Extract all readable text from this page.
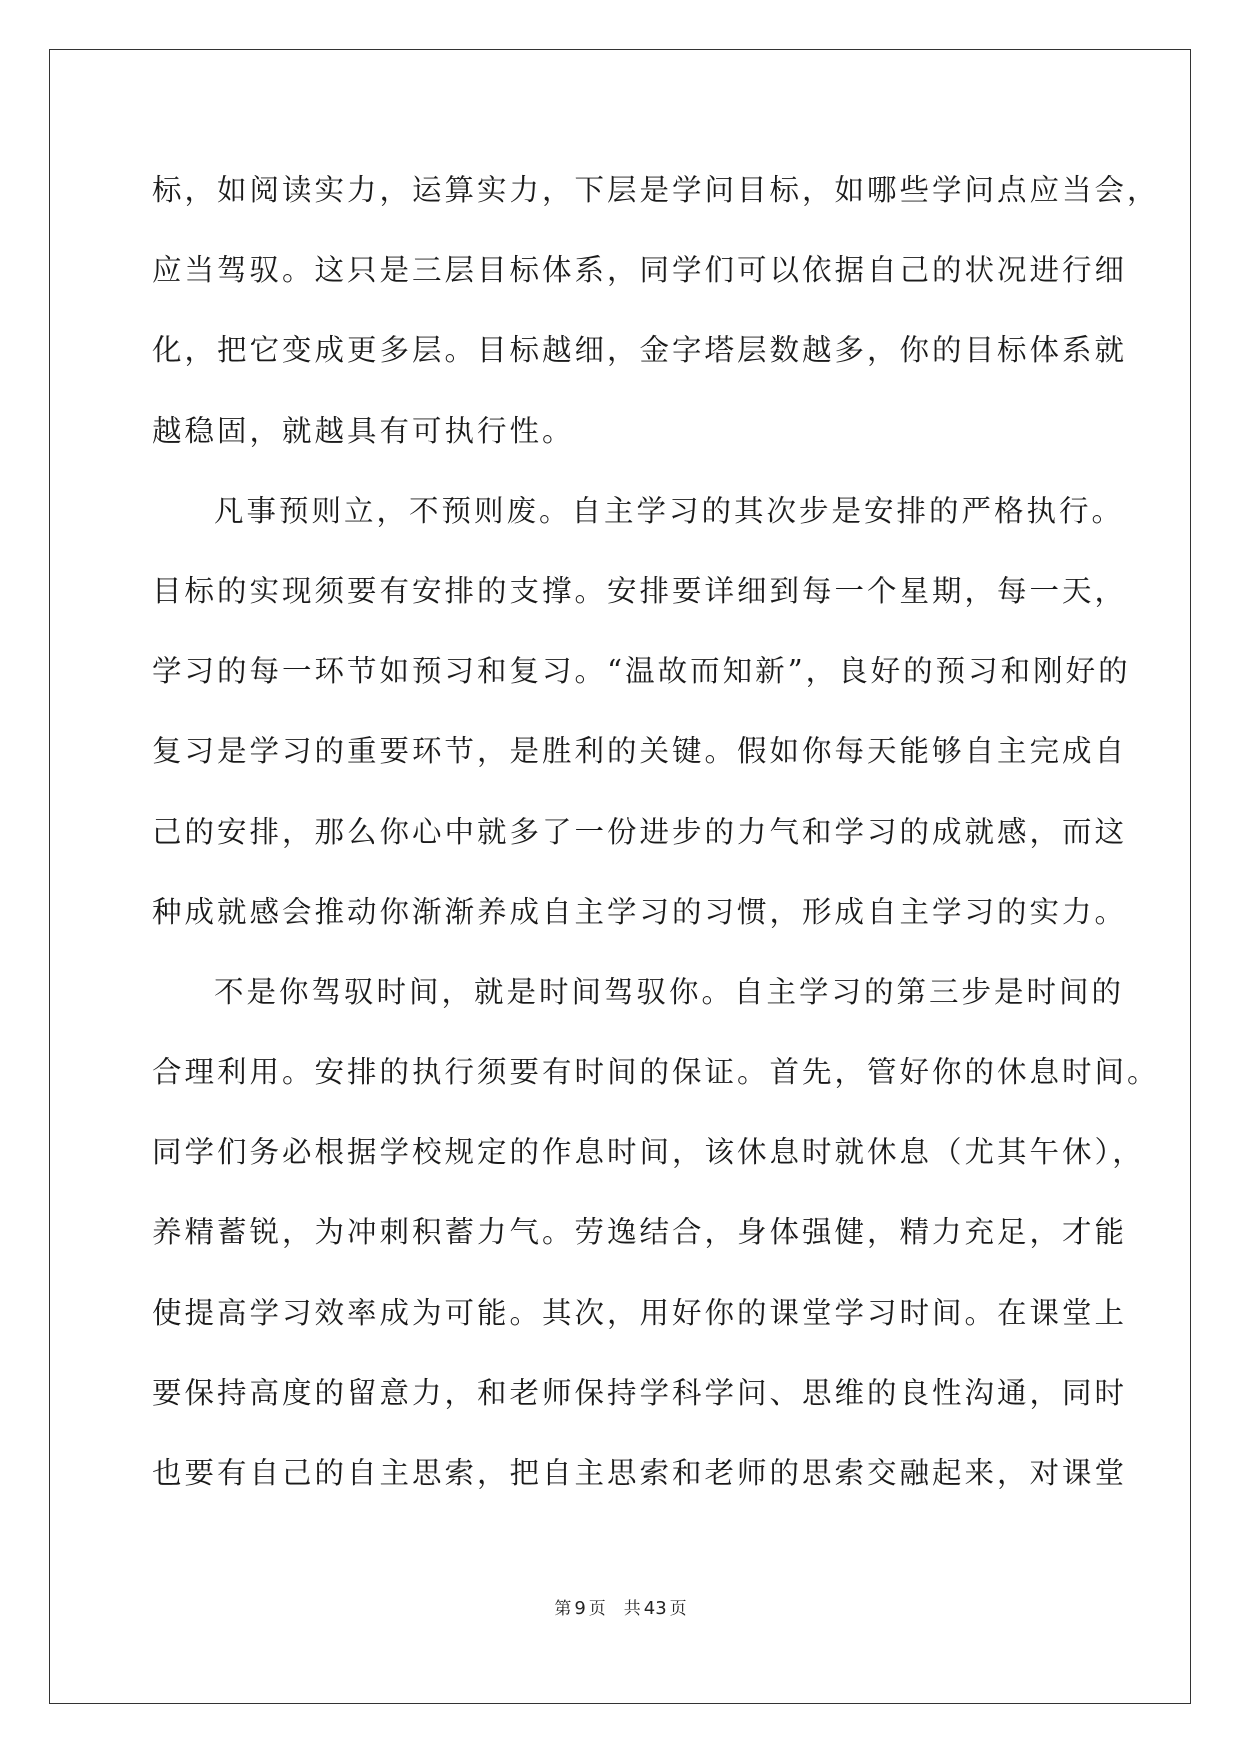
标，如阅读实力，运算实力，下层是学问目标，如哪些学问点应当会，
应当驾驭。这只是三层目标体系，同学们可以依据自己的状况进行细
化，把它变成更多层。目标越细，金字塔层数越多，你的目标体系就
越稳固，就越具有可执行性。
凡事预则立，不预则废。自主学习的其次步是安排的严格执行。
目标的实现须要有安排的支撑。安排要详细到每一个星期，每一天，
学习的每一环节如预习和复习。“温故而知新”，良好的预习和刚好的
复习是学习的重要环节，是胜利的关键。假如你每天能够自主完成自
己的安排，那么你心中就多了一份进步的力气和学习的成就感，而这
种成就感会推动你渐渐养成自主学习的习惯，形成自主学习的实力。
不是你驾驭时间，就是时间驾驭你。自主学习的第三步是时间的
合理利用。安排的执行须要有时间的保证。首先，管好你的休息时间。
同学们务必根据学校规定的作息时间，该休息时就休息（尤其午休），
养精蓄锐，为冲刺积蓄力气。劳逸结合，身体强健，精力充足，才能
使提高学习效率成为可能。其次，用好你的课堂学习时间。在课堂上
要保持高度的留意力，和老师保持学科学问、思维的良性沟通，同时
也要有自己的自主思索，把自主思索和老师的思索交融起来，对课堂
第 9 页 共 43 页
